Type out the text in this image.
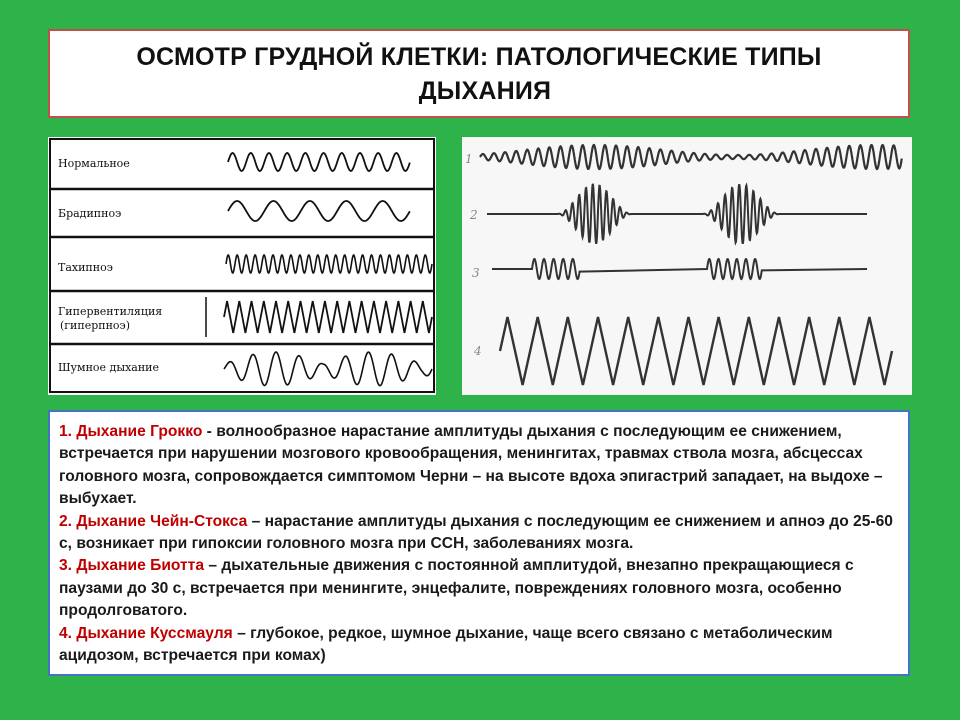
ОСМОТР ГРУДНОЙ КЛЕТКИ: ПАТОЛОГИЧЕСКИЕ ТИПЫ
ДЫХАНИЯ
Нормальное
Брадипноэ
Тахипноэ
Гипервентиляция
(гиперпноэ)
Шумное дыхание
1
2
3
4

1. Дыхание Грокко - волнообразное нарастание амплитуды дыхания с последующим ее снижением, встречается при нарушении мозгового кровообращения, менингитах, травмах ствола мозга, абсцессах головного мозга, сопровождается симптомом Черни – на высоте вдоха эпигастрий западает, на выдохе – выбухает.

2. Дыхание Чейн-Стокса – нарастание амплитуды дыхания с последующим ее снижением и апноэ до 25-60 с, возникает при гипоксии головного мозга при ССН, заболеваниях мозга.

3. Дыхание Биотта – дыхательные движения с постоянной амплитудой, внезапно прекращающиеся с паузами до 30 с, встречается при менингите, энцефалите, повреждениях головного мозга, особенно продолговатого.

4. Дыхание Куссмауля – глубокое, редкое, шумное дыхание, чаще всего связано с метаболическим ацидозом, встречается при комах)
